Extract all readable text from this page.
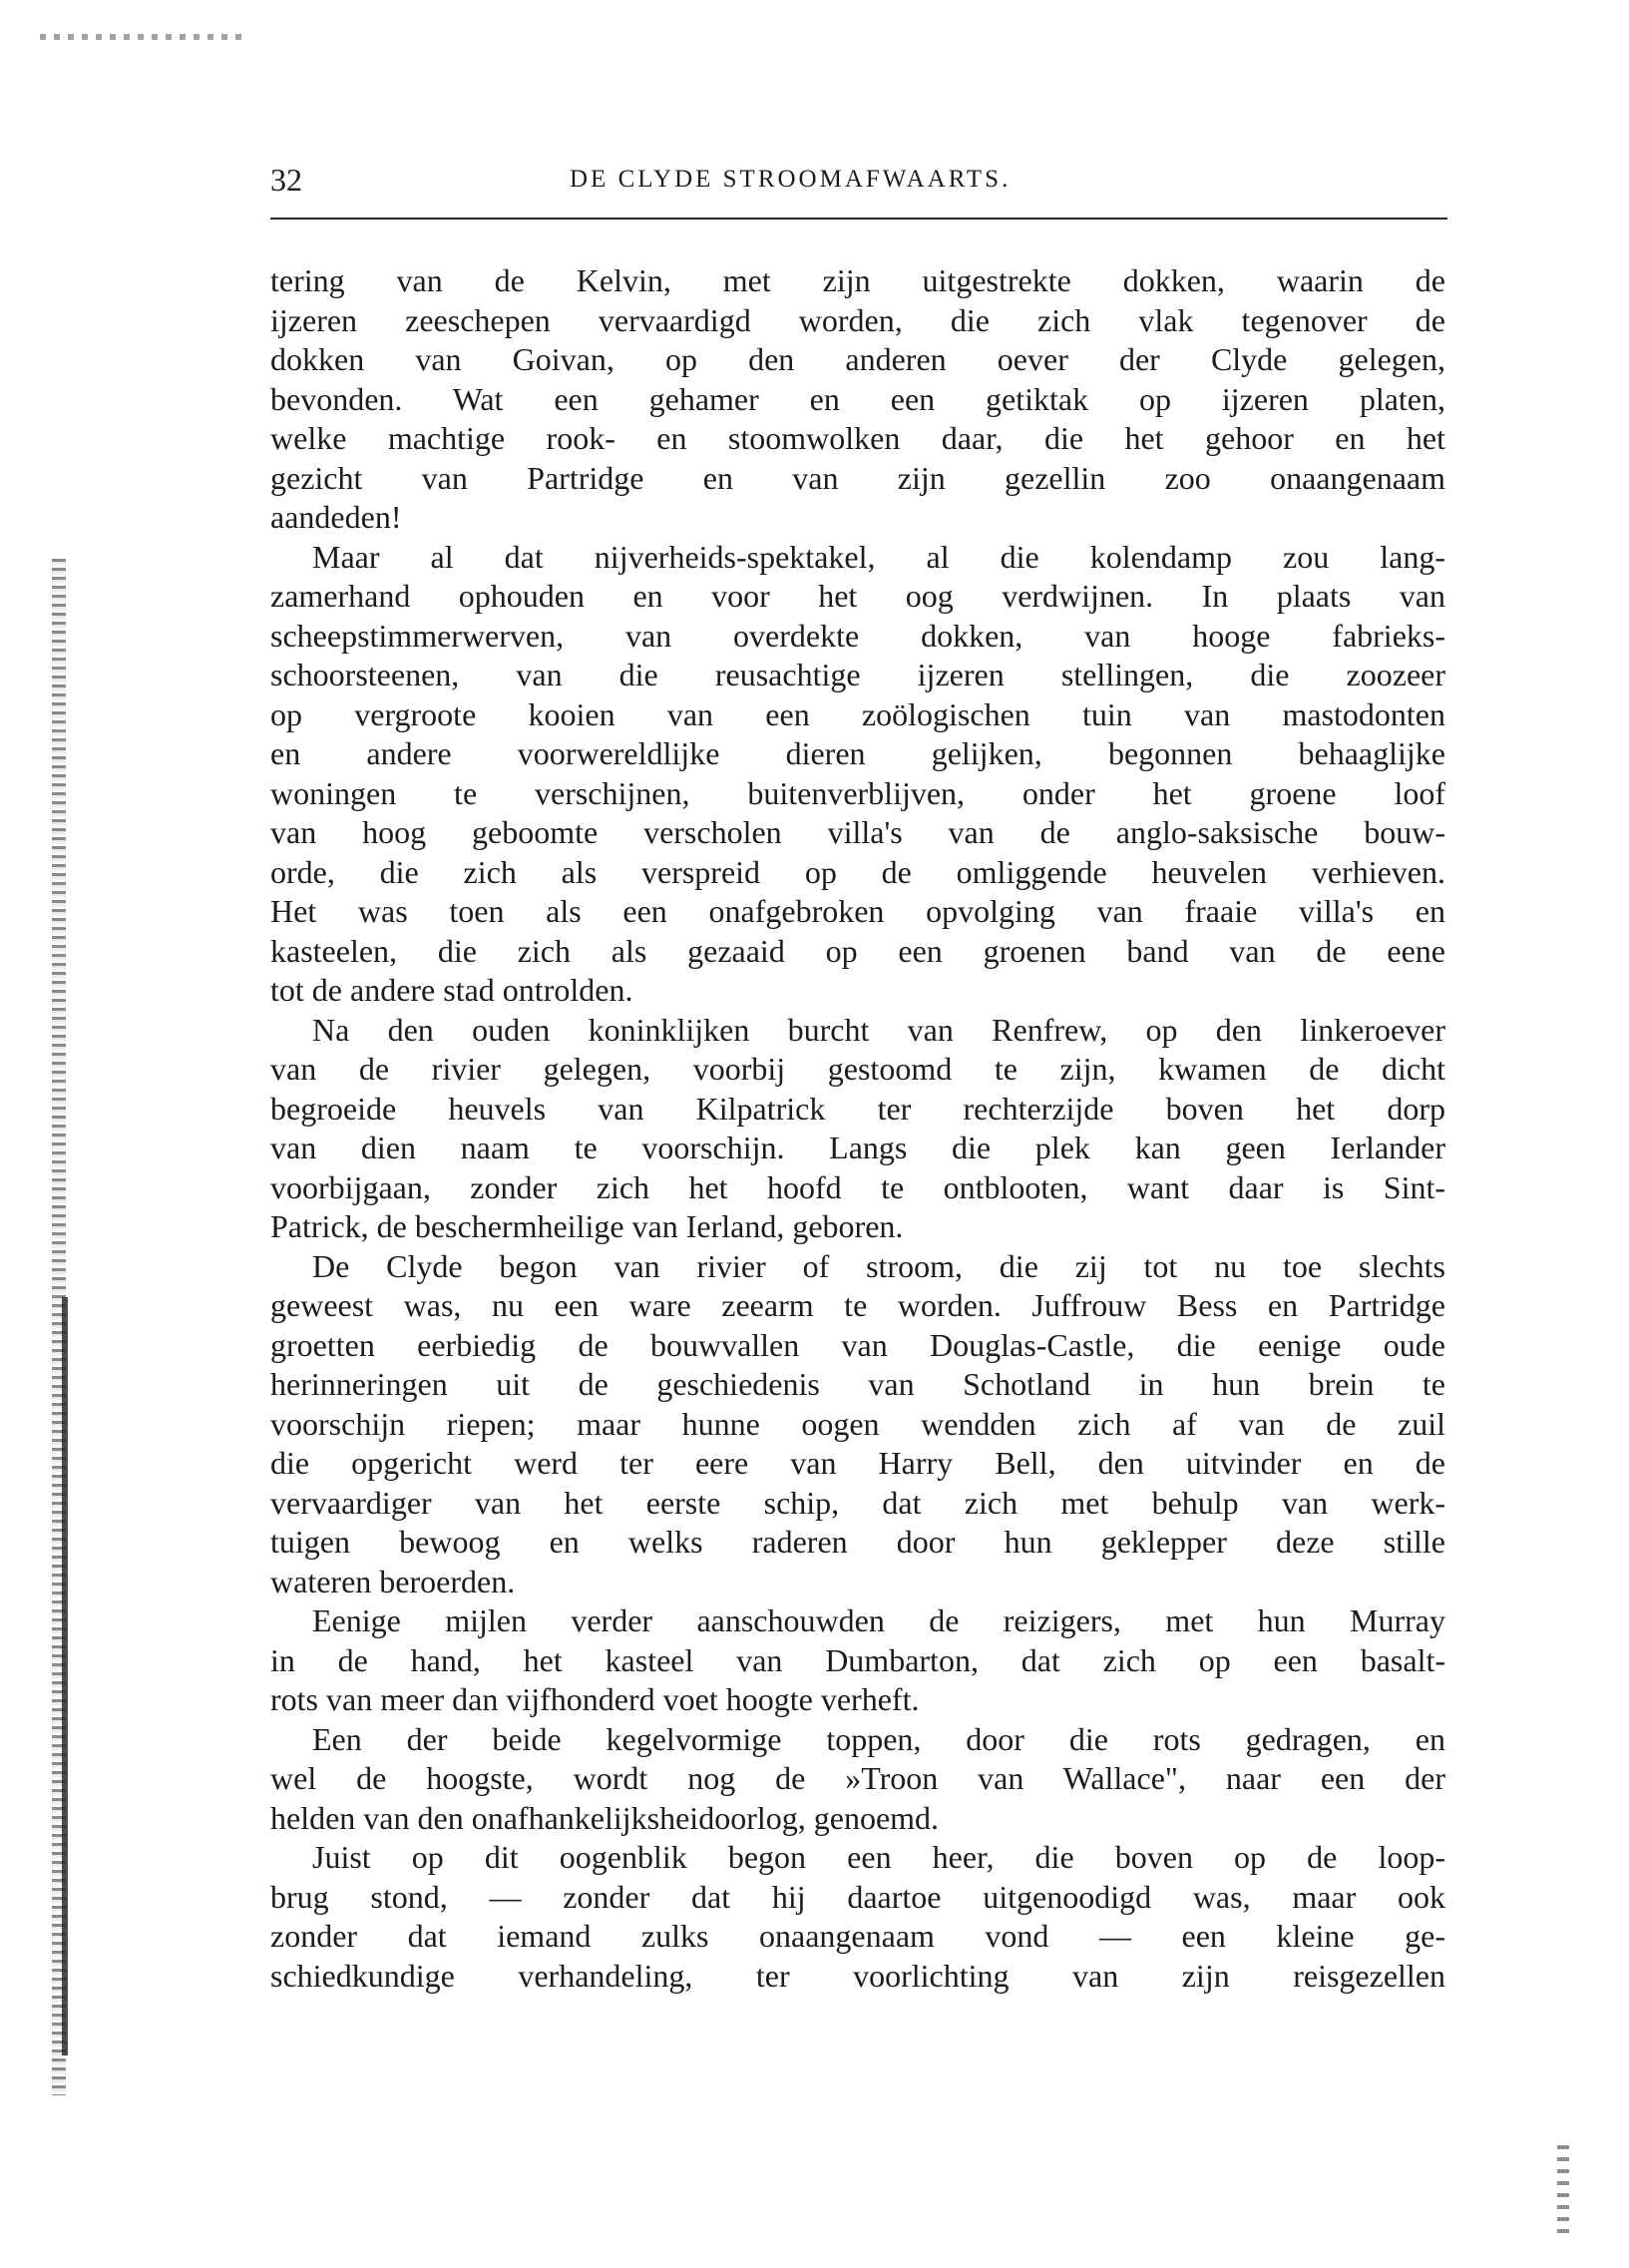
32	DE CLYDE STROOMAFWAARTS.
tering van de Kelvin, met zijn uitgestrekte dokken, waarin de
ijzeren zeeschepen vervaardigd worden, die zich vlak tegenover de
dokken van Goivan, op den anderen oever der Clyde gelegen,
bevonden. Wat een gehamer en een getiktak op ijzeren platen,
welke machtige rook- en stoomwolken daar, die het gehoor en het
gezicht van Partridge en van zijn gezellin zoo onaangenaam
aandeden!
Maar al dat nijverheids-spektakel, al die kolendamp zou lang-
zamerhand ophouden en voor het oog verdwijnen. In plaats van
scheepstimmerwerven, van overdekte dokken, van hooge fabrieks-
schoorsteenen, van die reusachtige ijzeren stellingen, die zoozeer
op vergroote kooien van een zoölogischen tuin van mastodonten
en andere voorwereldlijke dieren gelijken, begonnen behaaglijke
woningen te verschijnen, buitenverblijven, onder het groene loof
van hoog geboomte verscholen villa's van de anglo-saksische bouw-
orde, die zich als verspreid op de omliggende heuvelen verhieven.
Het was toen als een onafgebroken opvolging van fraaie villa's en
kasteelen, die zich als gezaaid op een groenen band van de eene
tot de andere stad ontrolden.
Na den ouden koninklijken burcht van Renfrew, op den linkeroever
van de rivier gelegen, voorbij gestoomd te zijn, kwamen de dicht
begroeide heuvels van Kilpatrick ter rechterzijde boven het dorp
van dien naam te voorschijn. Langs die plek kan geen Ierlander
voorbijgaan, zonder zich het hoofd te ontblooten, want daar is Sint-
Patrick, de beschermheilige van Ierland, geboren.
De Clyde begon van rivier of stroom, die zij tot nu toe slechts
geweest was, nu een ware zeearm te worden. Juffrouw Bess en Partridge
groetten eerbiedig de bouwvallen van Douglas-Castle, die eenige oude
herinneringen uit de geschiedenis van Schotland in hun brein te
voorschijn riepen; maar hunne oogen wendden zich af van de zuil
die opgericht werd ter eere van Harry Bell, den uitvinder en de
vervaardiger van het eerste schip, dat zich met behulp van werk-
tuigen bewoog en welks raderen door hun geklepper deze stille
wateren beroerden.
Eenige mijlen verder aanschouwden de reizigers, met hun Murray
in de hand, het kasteel van Dumbarton, dat zich op een basalt-
rots van meer dan vijfhonderd voet hoogte verheft.
Een der beide kegelvormige toppen, door die rots gedragen, en
wel de hoogste, wordt nog de »Troon van Wallace", naar een der
helden van den onafhankelijksheidoorlog, genoemd.
Juist op dit oogenblik begon een heer, die boven op de loop-
brug stond, — zonder dat hij daartoe uitgenoodigd was, maar ook
zonder dat iemand zulks onaangenaam vond — een kleine ge-
schiedkundige verhandeling, ter voorlichting van zijn reisgezellen
